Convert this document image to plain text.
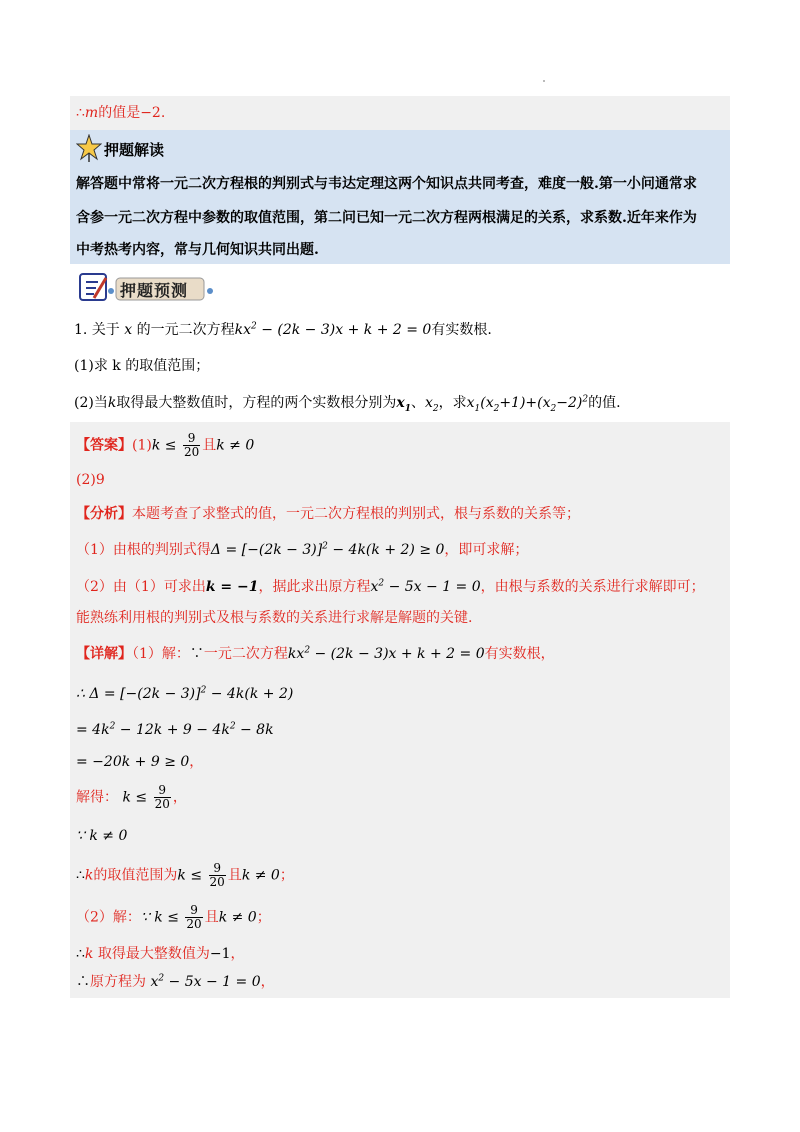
∴m的值是−2.
押题解读
解答题中常将一元二次方程根的判别式与韦达定理这两个知识点共同考查，难度一般.第一小问通常求
含参一元二次方程中参数的取值范围，第二问已知一元二次方程两根满足的关系，求系数.近年来作为
中考热考内容，常与几何知识共同出题.
押题预测
1. 关于 x 的一元二次方程$kx^2 - (2k - 3)x + k + 2 = 0$有实数根.
(1)求 k 的取值范围；
(2)当k取得最大整数值时，方程的两个实数根分别为$x_1$、$x_2$，求$x_1(x_2+1)+(x_2-2)^2$的值.
【答案】$(1)k \le \frac{9}{20}$ 且k ≠ 0
(2)9
【分析】本题考查了求整式的值，一元二次方程根的判别式，根与系数的关系等；
（1）由根的判别式得$\Delta = [-(2k - 3)]^2 - 4k(k + 2) \ge 0$，即可求解；
（2）由（1）可求出k = −1，据此求出原方程$x^2 - 5x - 1 = 0$，由根与系数的关系进行求解即可；
能熟练利用根的判别式及根与系数的关系进行求解是解题的关键.
【详解】（1）解：∵一元二次方程$kx^2 - (2k - 3)x + k + 2 = 0$有实数根，
∴ $\Delta = [-(2k - 3)]^2 - 4k(k + 2)$
= $4k^2 - 12k + 9 - 4k^2 - 8k$
= −20k + 9 ≥ 0，
解得： $k \le \frac{9}{20}$ ，
∵ k ≠ 0
∴k的取值范围为$k \le \frac{9}{20}$ 且k ≠ 0；
（2）解：∵ $k \le \frac{9}{20}$ 且k ≠ 0；
∴k 取得最大整数值为−1，
∴原方程为 $x^2 - 5x - 1 = 0$，
